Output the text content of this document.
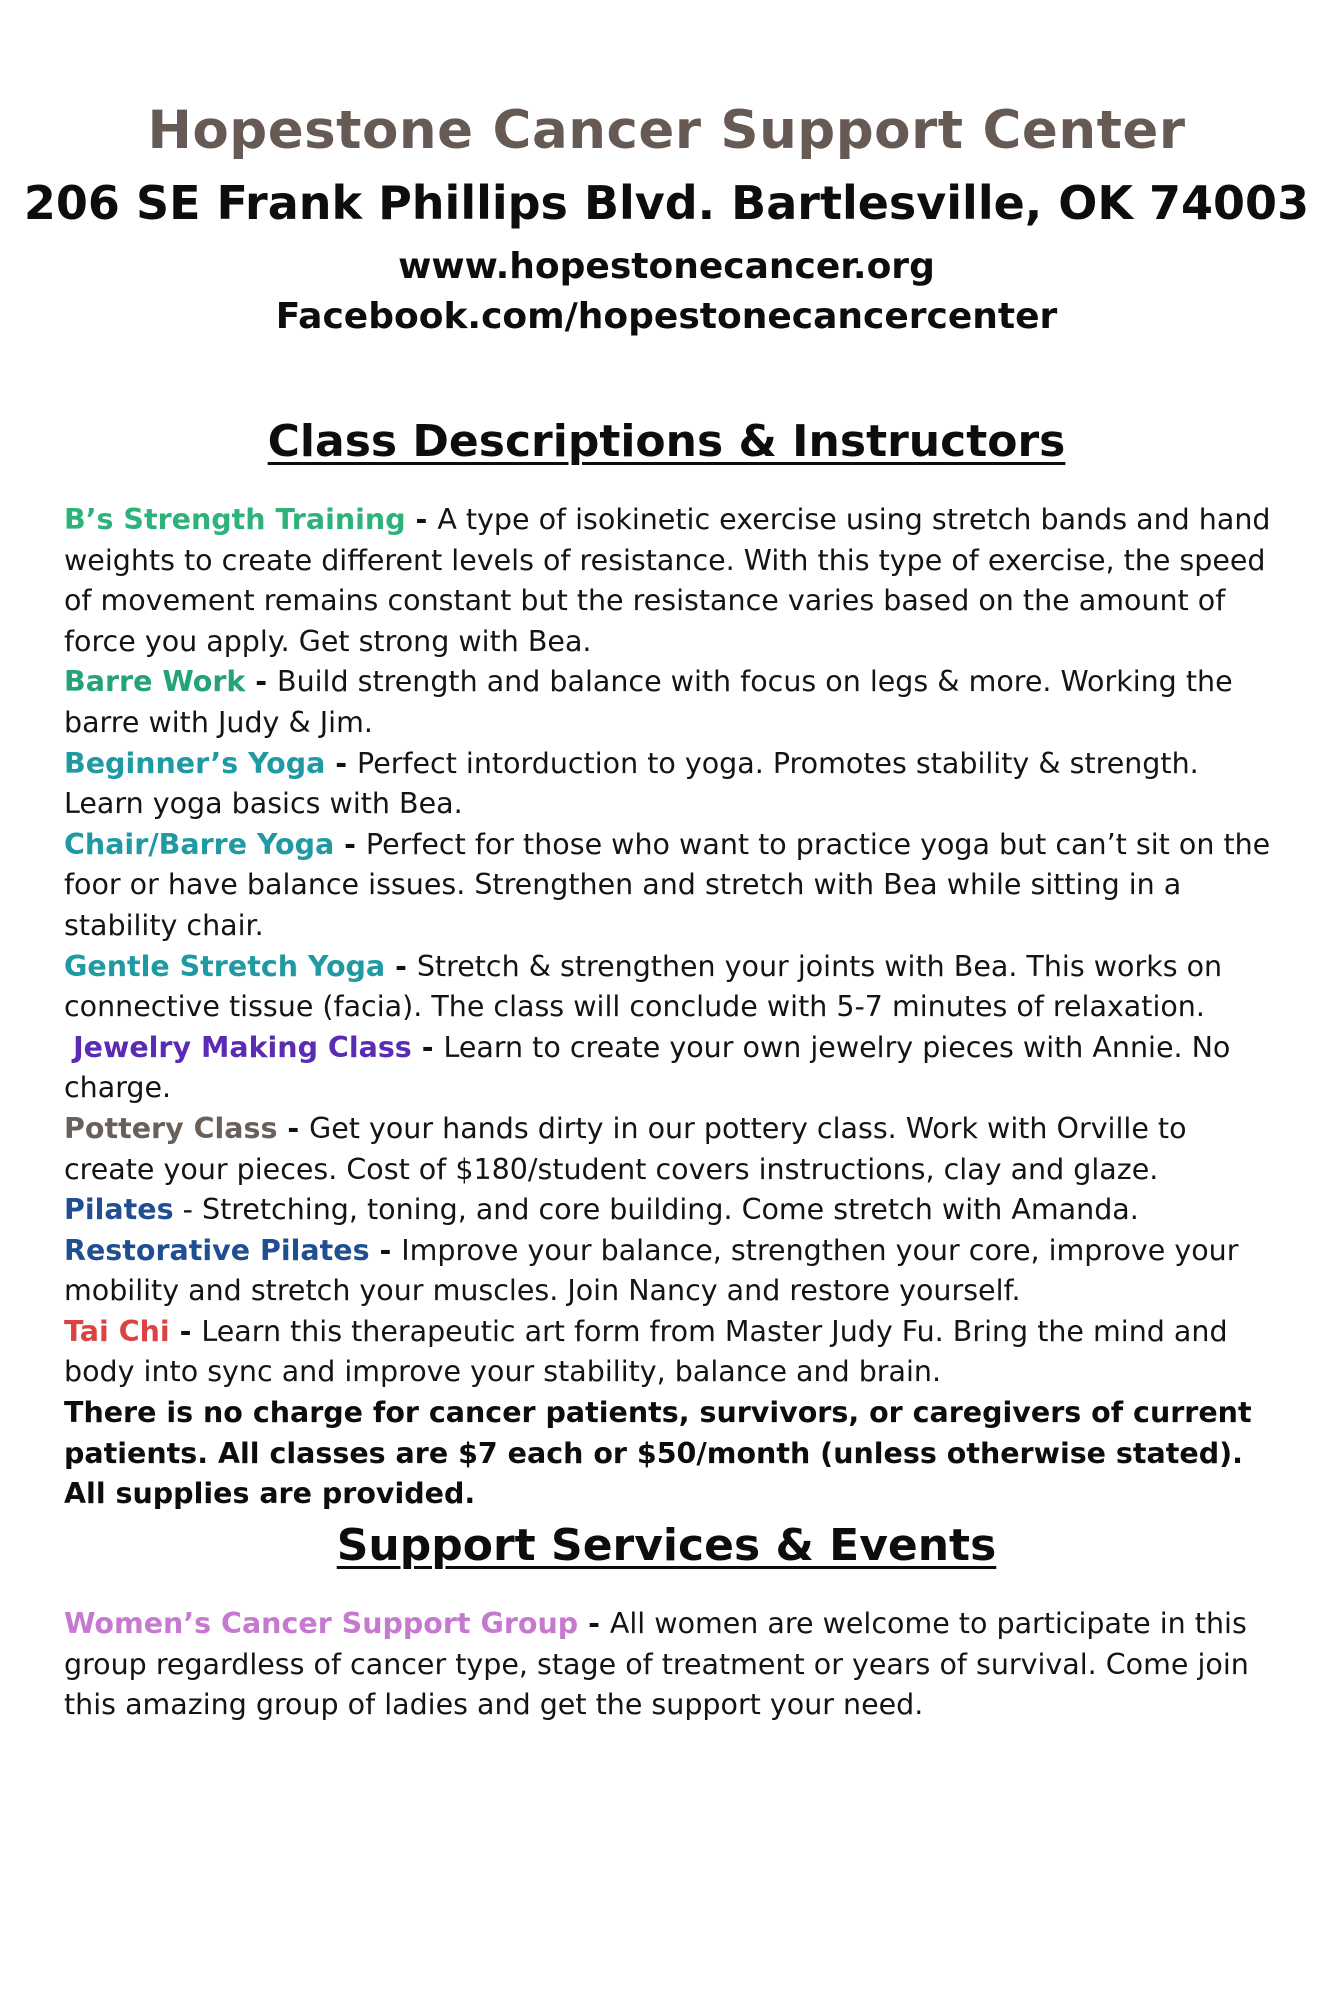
Hopestone Cancer Support Center
206 SE Frank Phillips Blvd. Bartlesville, OK 74003
www.hopestonecancer.org
Facebook.com/hopestonecancercenter
Class Descriptions & Instructors

B’s Strength Training - A type of isokinetic exercise using stretch bands and hand weights to create different levels of resistance. With this type of exercise, the speed of movement remains constant but the resistance varies based on the amount of force you apply. Get strong with Bea.

Barre Work - Build strength and balance with focus on legs & more. Working the barre with Judy & Jim.

Beginner’s Yoga - Perfect intorduction to yoga. Promotes stability & strength. Learn yoga basics with Bea.

Chair/Barre Yoga - Perfect for those who want to practice yoga but can’t sit on the foor or have balance issues. Strengthen and stretch with Bea while sitting in a stability chair.

Gentle Stretch Yoga - Stretch & strengthen your joints with Bea. This works on connective tissue (facia). The class will conclude with 5-7 minutes of relaxation.

Jewelry Making Class - Learn to create your own jewelry pieces with Annie. No charge.

Pottery Class - Get your hands dirty in our pottery class. Work with Orville to create your pieces. Cost of $180/student covers instructions, clay and glaze.

Pilates - Stretching, toning, and core building. Come stretch with Amanda.

Restorative Pilates - Improve your balance, strengthen your core, improve your mobility and stretch your muscles. Join Nancy and restore yourself.

Tai Chi - Learn this therapeutic art form from Master Judy Fu. Bring the mind and body into sync and improve your stability, balance and brain.

There is no charge for cancer patients, survivors, or caregivers of current patients. All classes are $7 each or $50/month (unless otherwise stated). All supplies are provided.

Support Services & Events

Women’s Cancer Support Group - All women are welcome to participate in this group regardless of cancer type, stage of treatment or years of survival. Come join this amazing group of ladies and get the support your need.
